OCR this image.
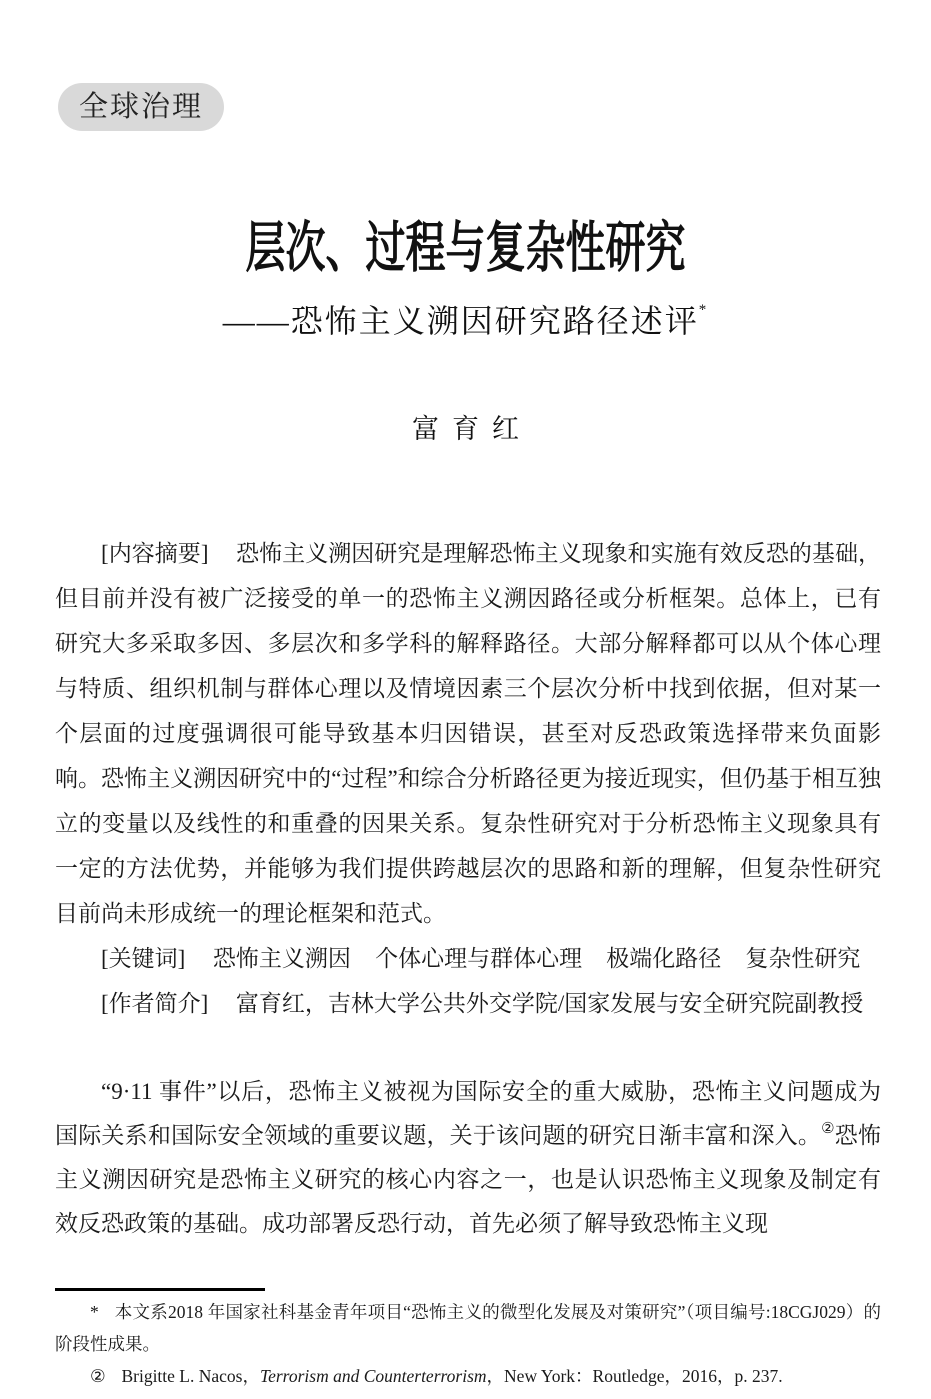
全球治理
层次、过程与复杂性研究
——恐怖主义溯因研究路径述评*
富育红

[内容摘要] 恐怖主义溯因研究是理解恐怖主义现象和实施有效反恐的基础，但目前并没有被广泛接受的单一的恐怖主义溯因路径或分析框架。总体上，已有研究大多采取多因、多层次和多学科的解释路径。大部分解释都可以从个体心理与特质、组织机制与群体心理以及情境因素三个层次分析中找到依据，但对某一个层面的过度强调很可能导致基本归因错误，甚至对反恐政策选择带来负面影响。恐怖主义溯因研究中的“过程”和综合分析路径更为接近现实，但仍基于相互独立的变量以及线性的和重叠的因果关系。复杂性研究对于分析恐怖主义现象具有一定的方法优势，并能够为我们提供跨越层次的思路和新的理解，但复杂性研究目前尚未形成统一的理论框架和范式。

[关键词] 恐怖主义溯因 个体心理与群体心理 极端化路径 复杂性研究

[作者简介] 富育红，吉林大学公共外交学院/国家发展与安全研究院副教授

“9·11 事件”以后，恐怖主义被视为国际安全的重大威胁，恐怖主义问题成为国际关系和国际安全领域的重要议题，关于该问题的研究日渐丰富和深入。②恐怖主义溯因研究是恐怖主义研究的核心内容之一，也是认识恐怖主义现象及制定有效反恐政策的基础。成功部署反恐行动，首先必须了解导致恐怖主义现

* 本文系2018 年国家社科基金青年项目“恐怖主义的微型化发展及对策研究”（项目编号:18CGJ029）的阶段性成果。

② Brigitte L. Nacos，Terrorism and Counterterrorism，New York：Routledge，2016，p. 237.
